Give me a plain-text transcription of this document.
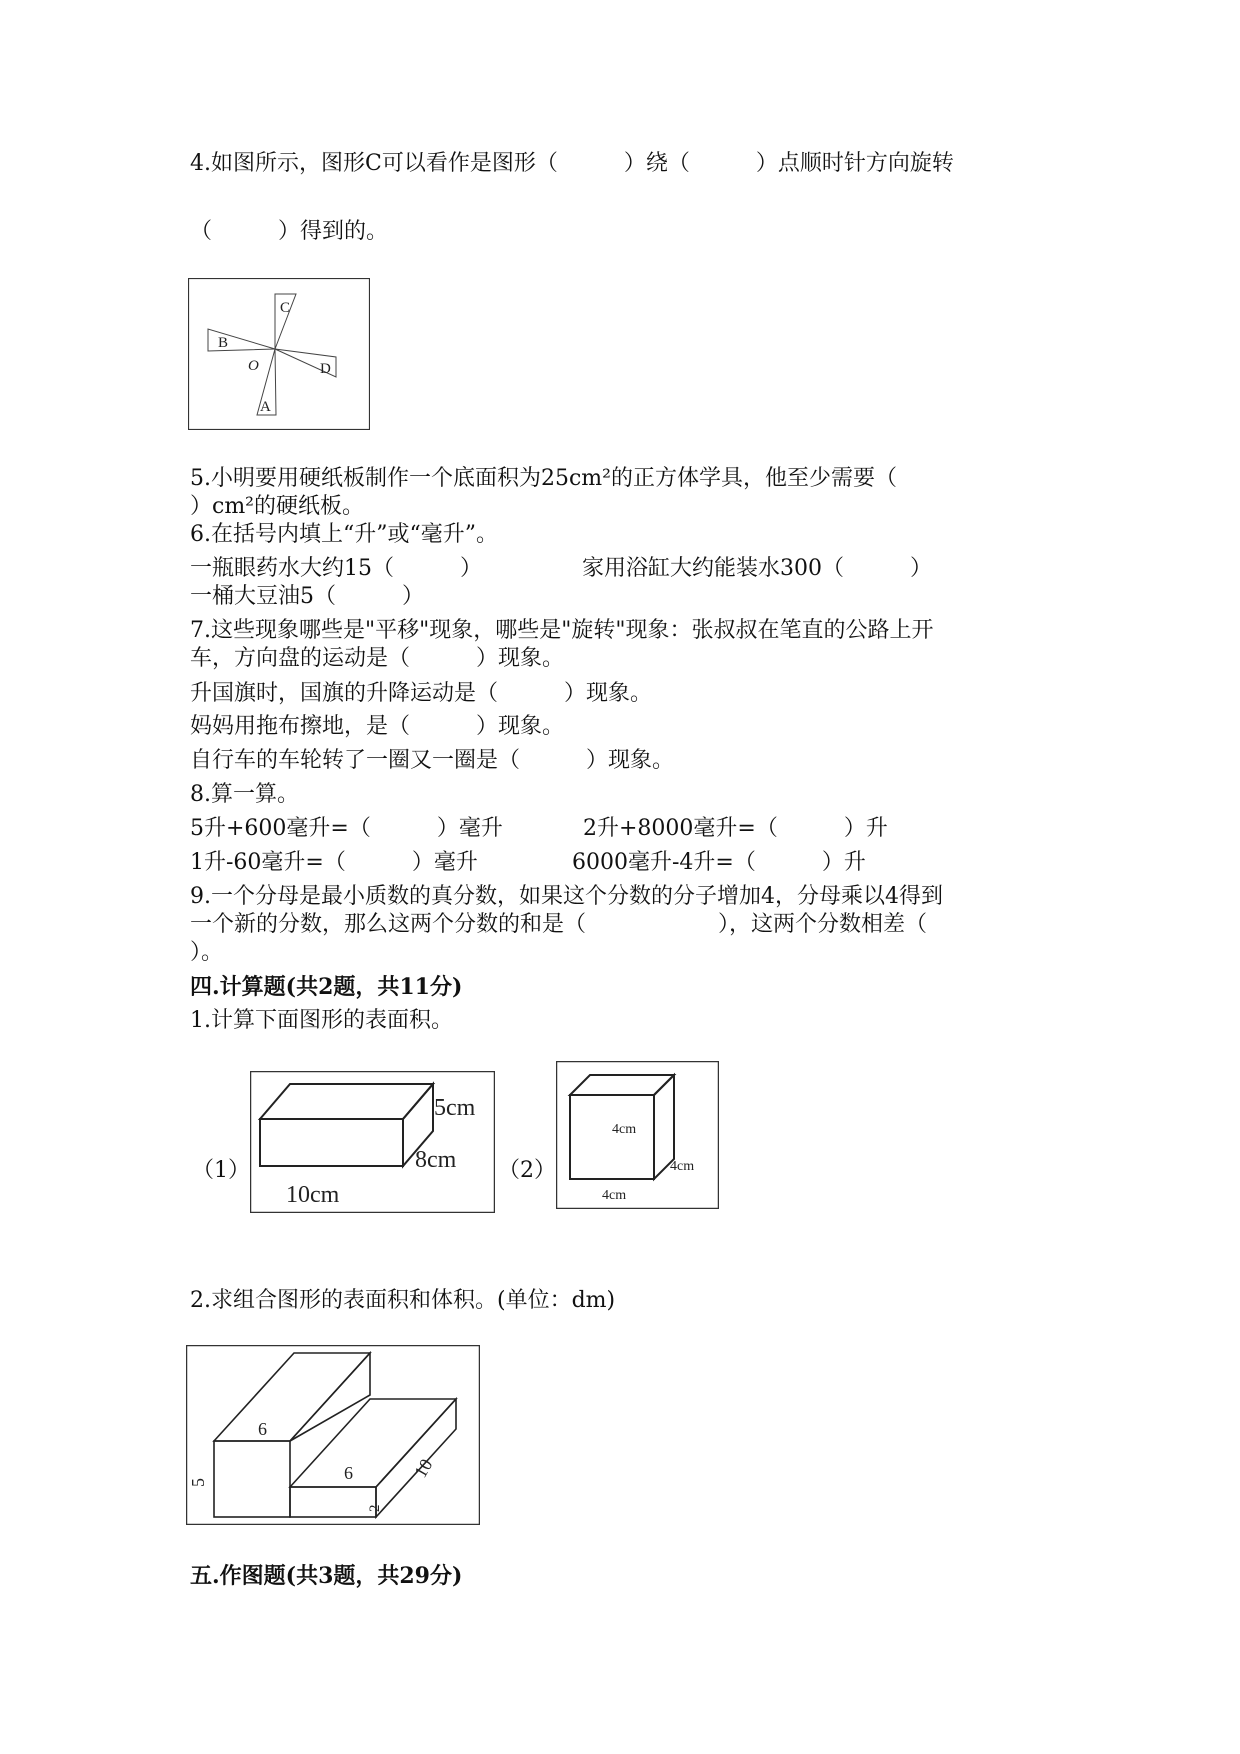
4.如图所示，图形C可以看作是图形（　　　）绕（　　　）点顺时针方向旋转
（　　　）得到的。
C
B
O	D
A
5.小明要用硬纸板制作一个底面积为25cm²的正方体学具，他至少需要（
）cm²的硬纸板。
6.在括号内填上“升”或“毫升”。
一瓶眼药水大约15（　　　）	家用浴缸大约能装水300（　　　）
一桶大豆油5（　　　）
7.这些现象哪些是"平移"现象，哪些是"旋转"现象：张叔叔在笔直的公路上开
车，方向盘的运动是（　　　）现象。
升国旗时，国旗的升降运动是（　　　）现象。
妈妈用拖布擦地，是（　　　）现象。
自行车的车轮转了一圈又一圈是（　　　）现象。
8.算一算。
5升+600毫升=（　　　）毫升	2升+8000毫升=（　　　）升
1升-60毫升=（　　　）毫升	6000毫升-4升=（　　　）升
9.一个分母是最小质数的真分数，如果这个分数的分子增加4，分母乘以4得到
一个新的分数，那么这两个分数的和是（　　　　　　），这两个分数相差（
）。
四.计算题(共2题，共11分)
1.计算下面图形的表面积。
（1）
5cm
8cm
10cm
（2）
4cm
4cm
4cm
2.求组合图形的表面积和体积。(单位：dm)
6
5	6
2
10
五.作图题(共3题，共29分)
